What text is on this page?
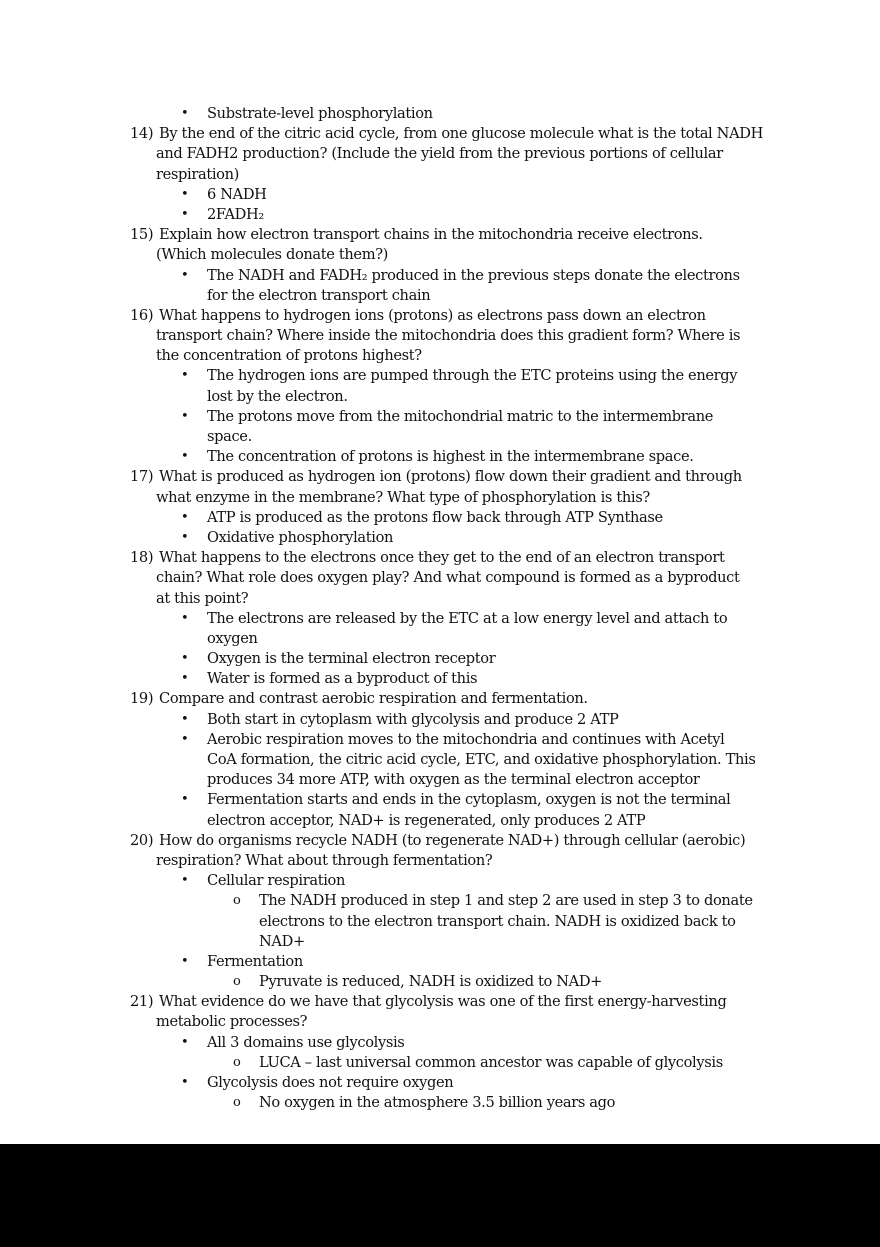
• Substrate-level phosphorylation
14) By the end of the citric acid cycle, from one glucose molecule what is the total NADH
and FADH2 production? (Include the yield from the previous portions of cellular
respiration)
• 6 NADH
• 2FADH₂
15) Explain how electron transport chains in the mitochondria receive electrons.
(Which molecules donate them?)
• The NADH and FADH₂ produced in the previous steps donate the electrons
for the electron transport chain
16) What happens to hydrogen ions (protons) as electrons pass down an electron
transport chain? Where inside the mitochondria does this gradient form? Where is
the concentration of protons highest?
• The hydrogen ions are pumped through the ETC proteins using the energy
lost by the electron.
• The protons move from the mitochondrial matric to the intermembrane
space.
• The concentration of protons is highest in the intermembrane space.
17) What is produced as hydrogen ion (protons) flow down their gradient and through
what enzyme in the membrane? What type of phosphorylation is this?
• ATP is produced as the protons flow back through ATP Synthase
• Oxidative phosphorylation
18) What happens to the electrons once they get to the end of an electron transport
chain? What role does oxygen play? And what compound is formed as a byproduct
at this point?
• The electrons are released by the ETC at a low energy level and attach to
oxygen
• Oxygen is the terminal electron receptor
• Water is formed as a byproduct of this
19) Compare and contrast aerobic respiration and fermentation.
• Both start in cytoplasm with glycolysis and produce 2 ATP
• Aerobic respiration moves to the mitochondria and continues with Acetyl
CoA formation, the citric acid cycle, ETC, and oxidative phosphorylation. This
produces 34 more ATP, with oxygen as the terminal electron acceptor
• Fermentation starts and ends in the cytoplasm, oxygen is not the terminal
electron acceptor, NAD+ is regenerated, only produces 2 ATP
20) How do organisms recycle NADH (to regenerate NAD+) through cellular (aerobic)
respiration? What about through fermentation?
• Cellular respiration
o The NADH produced in step 1 and step 2 are used in step 3 to donate
electrons to the electron transport chain. NADH is oxidized back to
NAD+
• Fermentation
o Pyruvate is reduced, NADH is oxidized to NAD+
21) What evidence do we have that glycolysis was one of the first energy-harvesting
metabolic processes?
• All 3 domains use glycolysis
o LUCA – last universal common ancestor was capable of glycolysis
• Glycolysis does not require oxygen
o No oxygen in the atmosphere 3.5 billion years ago
